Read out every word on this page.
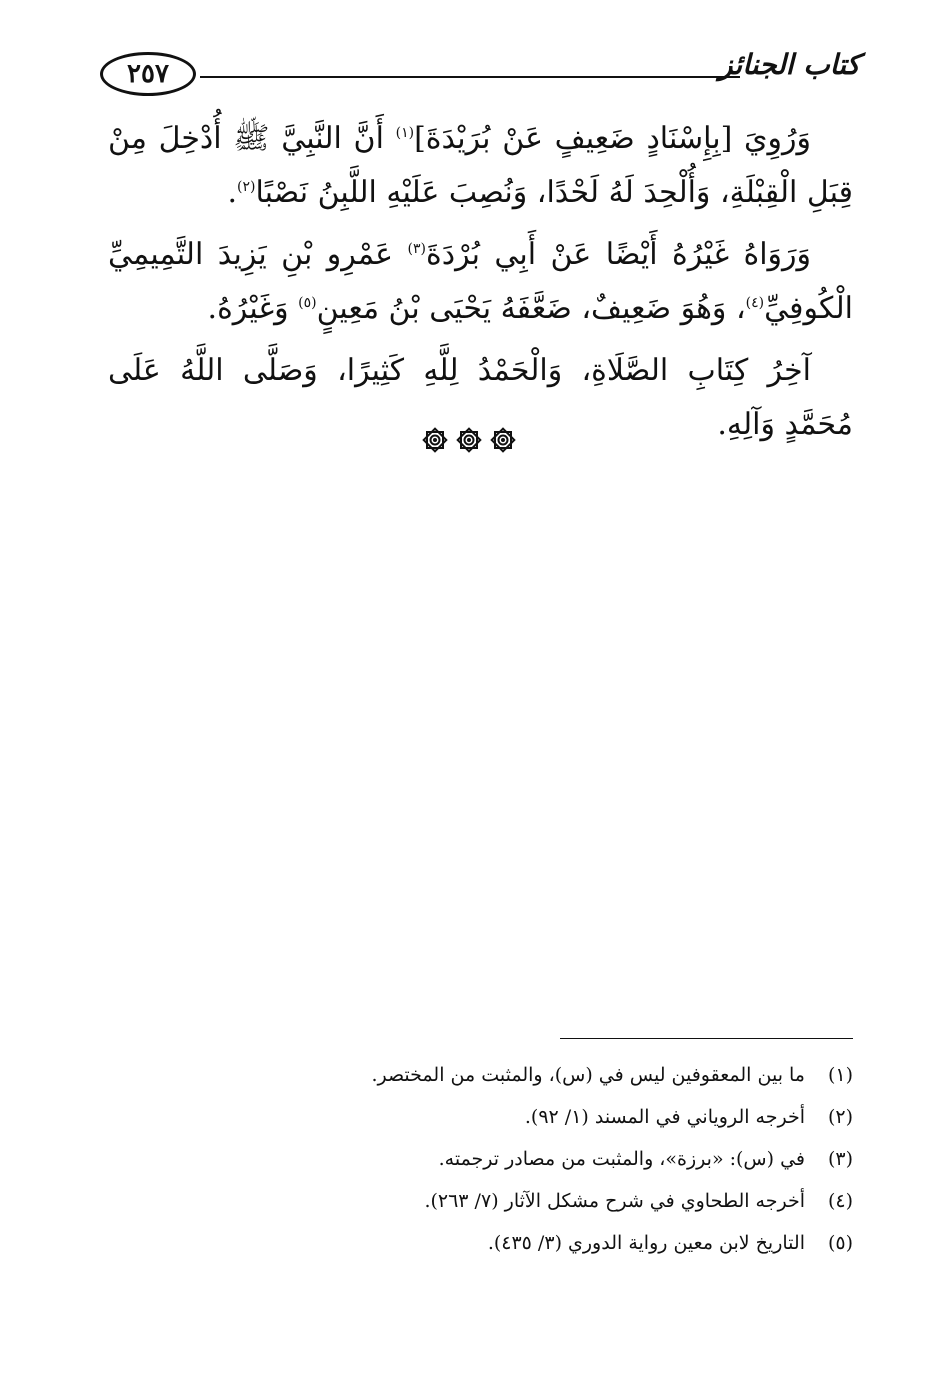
٢٥٧	كتاب الجنائز

وَرُوِيَ [بِإِسْنَادٍ ضَعِيفٍ عَنْ بُرَيْدَةَ]$^{(١)}$ أَنَّ النَّبِيَّ ﷺ أُدْخِلَ مِنْ قِبَلِ الْقِبْلَةِ، وَأُلْحِدَ لَهُ لَحْدًا، وَنُصِبَ عَلَيْهِ اللَّبِنُ نَصْبًا$^{(٢)}$.

وَرَوَاهُ غَيْرُهُ أَيْضًا عَنْ أَبِي بُرْدَةَ$^{(٣)}$ عَمْرِو بْنِ يَزِيدَ التَّمِيمِيِّ الْكُوفِيِّ$^{(٤)}$، وَهُوَ ضَعِيفٌ، ضَعَّفَهُ يَحْيَى بْنُ مَعِينٍ$^{(٥)}$ وَغَيْرُهُ.

آخِرُ كِتَابِ الصَّلَاةِ، وَالْحَمْدُ لِلَّهِ كَثِيرًا، وَصَلَّى اللَّهُ عَلَى مُحَمَّدٍ وَآلِهِ.

(١)
ما بين المعقوفين ليس في (س)، والمثبت من المختصر.
(٢)
أخرجه الروياني في المسند (١/ ٩٢).
(٣)
في (س): «برزة»، والمثبت من مصادر ترجمته.
(٤)
أخرجه الطحاوي في شرح مشكل الآثار (٧/ ٢٦٣).
(٥)
التاريخ لابن معين رواية الدوري (٣/ ٤٣٥).
